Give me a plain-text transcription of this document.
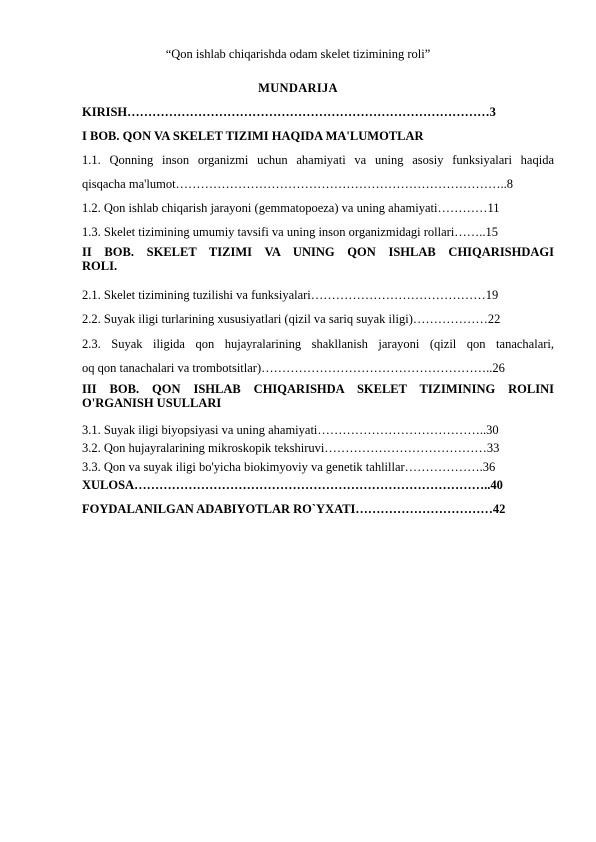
“Qon ishlab chiqarishda odam skelet tizimining roli”
MUNDARIJA
KIRISH……………………………………………………………………………3
I BOB. QON VA SKELET TIZIMI HAQIDA MA'LUMOTLAR
1.1. Qonning inson organizmi uchun ahamiyati va uning asosiy funksiyalari haqida
qisqacha ma'lumot……………………………………………………………………..8
1.2. Qon ishlab chiqarish jarayoni (gemmatopoeza) va uning ahamiyati…………11
1.3. Skelet tizimining umumiy tavsifi va uning inson organizmidagi rollari……..15
II BOB. SKELET TIZIMI VA UNING QON ISHLAB CHIQARISHDAGI
ROLI.
2.1. Skelet tizimining tuzilishi va funksiyalari……………………………………19
2.2. Suyak iligi turlarining xususiyatlari (qizil va sariq suyak iligi)………………22
2.3. Suyak iligida qon hujayralarining shakllanish jarayoni (qizil qon tanachalari,
oq qon tanachalari va trombotsitlar)………………………………………………..26
III BOB. QON ISHLAB CHIQARISHDA SKELET TIZIMINING ROLINI
O'RGANISH USULLARI
3.1. Suyak iligi biyopsiyasi va uning ahamiyati…………………………………..30
3.2. Qon hujayralarining mikroskopik tekshiruvi…………………………………33
3.3. Qon va suyak iligi bo'yicha biokimyoviy va genetik tahlillar……………….36
XULOSA…………………………………………………………………………..40
FOYDALANILGAN ADABIYOTLAR RO`YXATI……………………………42
